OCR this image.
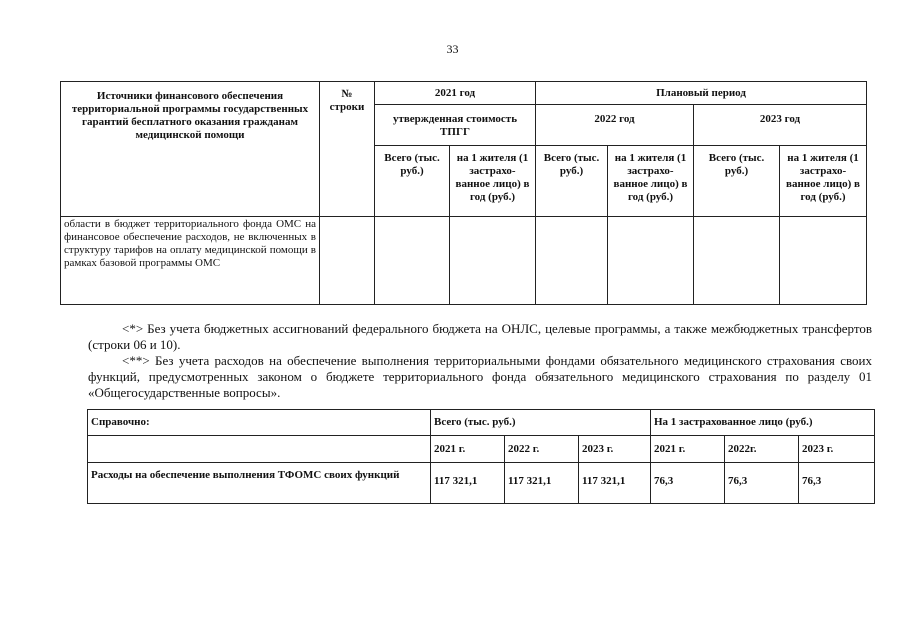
33
Источники финансового обеспечения территориальной программы государственных гарантий бесплатного оказания гражданам медицинской помощи	№ строки	2021 год		Плановый период			
		утвержденная стоимость ТПГГ		2022 год		2023 год	
		Всего (тыс. руб.)	на 1 жителя (1 застрахо-ванное лицо) в год (руб.)	Всего (тыс. руб.)	на 1 жителя (1 застрахо-ванное лицо) в год (руб.)	Всего (тыс. руб.)	на 1 жителя (1 застрахо-ванное лицо) в год (руб.)
области в бюджет территориального фонда ОМС на финансовое обеспечение расходов, не включенных в структуру тарифов на оплату медицинской помощи в рамках базовой программы ОМС							

<*> Без учета бюджетных ассигнований федерального бюджета на ОНЛС, целевые программы, а также межбюджетных трансфертов (строки 06 и 10).

<**> Без учета расходов на обеспечение выполнения территориальными фондами обязательного медицинского страхования своих функций, предусмотренных законом о бюджете территориального фонда обязательного медицинского страхования по разделу 01 «Общегосударственные вопросы».

Справочно:	Всего (тыс. руб.)			На 1 застрахованное лицо (руб.)		
	2021 г.	2022 г.	2023 г.	2021 г.	2022г.	2023 г.
Расходы на обеспечение выполнения ТФОМС своих функций	117 321,1	117 321,1	117 321,1	76,3	76,3	76,3
